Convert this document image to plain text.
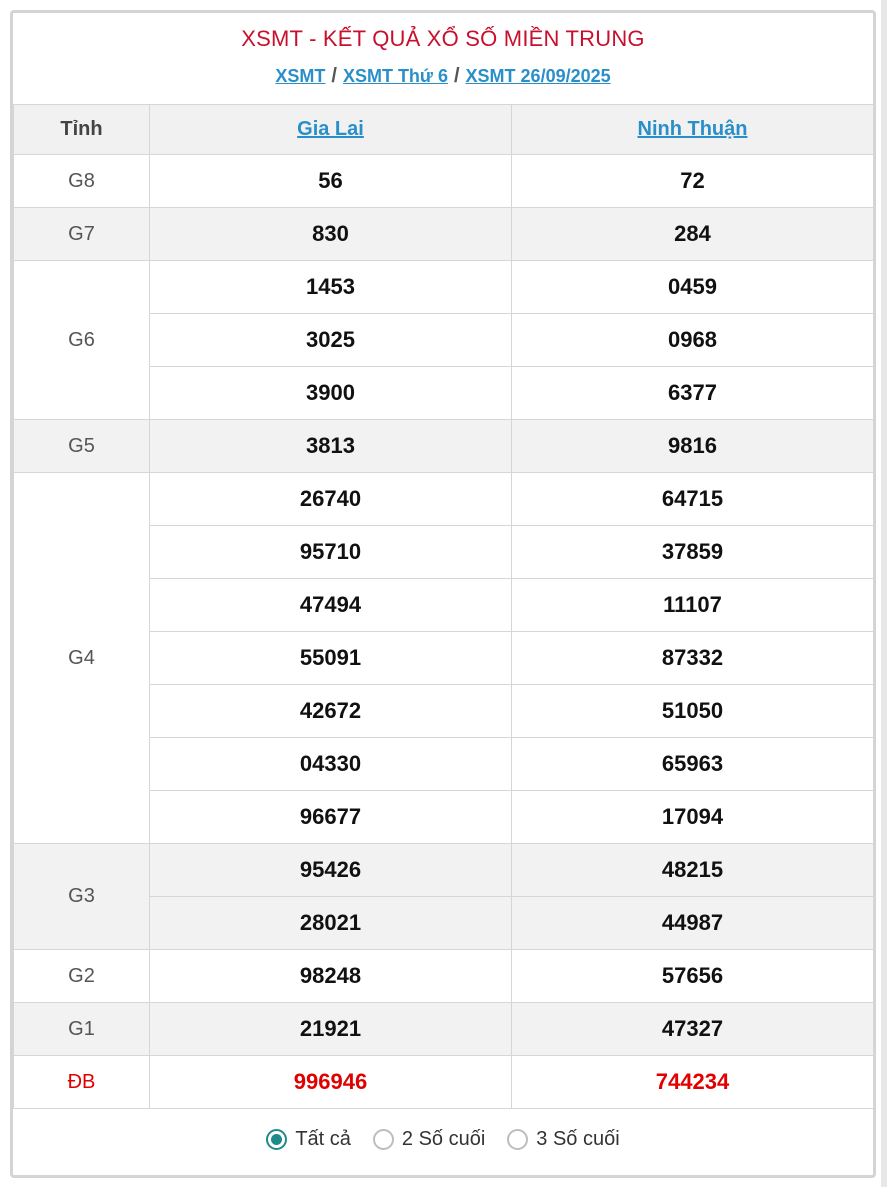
XSMT - KẾT QUẢ XỔ SỐ MIỀN TRUNG
XSMT / XSMT Thứ 6 / XSMT 26/09/2025
Tỉnh	Gia Lai	Ninh Thuận
G8	56	72
G7	830	284
G6	1453	0459
	3025	0968
	3900	6377
G5	3813	9816
G4	26740	64715
	95710	37859
	47494	11107
	55091	87332
	42672	51050
	04330	65963
	96677	17094
G3	95426	48215
	28021	44987
G2	98248	57656
G1	21921	47327
ĐB	996946	744234
Tất cả	2 Số cuối	3 Số cuối
